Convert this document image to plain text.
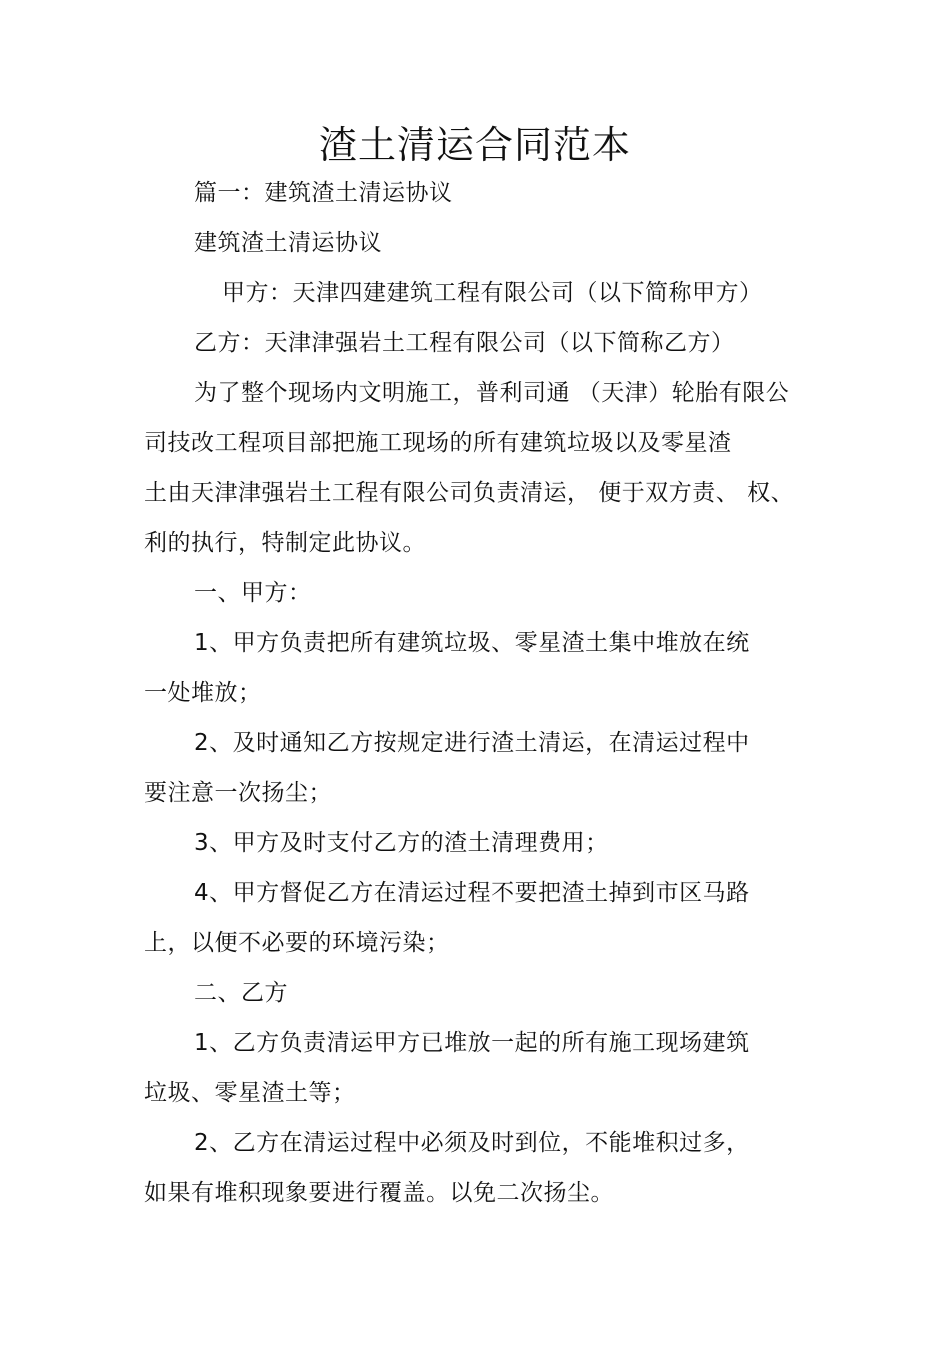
渣土清运合同范本
篇一：建筑渣土清运协议
建筑渣土清运协议
甲方：天津四建建筑工程有限公司（以下简称甲方）
乙方：天津津强岩土工程有限公司（以下简称乙方）
为了整个现场内文明施工，普利司通 （天津）轮胎有限公
司技改工程项目部把施工现场的所有建筑垃圾以及零星渣
土由天津津强岩土工程有限公司负责清运， 便于双方责、 权、
利的执行，特制定此协议。
一、甲方：
1、甲方负责把所有建筑垃圾、零星渣土集中堆放在统
一处堆放；
2、及时通知乙方按规定进行渣土清运，在清运过程中
要注意一次扬尘；
3、甲方及时支付乙方的渣土清理费用；
4、甲方督促乙方在清运过程不要把渣土掉到市区马路
上，以便不必要的环境污染；
二、乙方
1、乙方负责清运甲方已堆放一起的所有施工现场建筑
垃圾、零星渣土等；
2、乙方在清运过程中必须及时到位，不能堆积过多，
如果有堆积现象要进行覆盖。以免二次扬尘。
